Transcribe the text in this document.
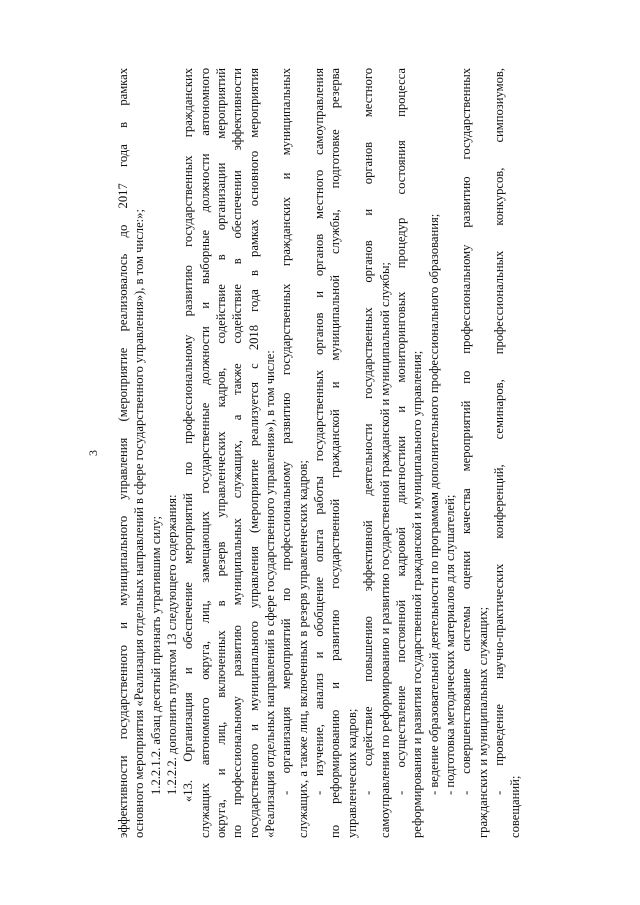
3 эффективности государственного и муниципального управления (мероприятие реализовалось до 2017 года в рамках основного мероприятия «Реализация отдельных направлений в сфере государственного управления»), в том числе:»; 1.2.2.1.2. абзац десятый признать утратившим силу; 1.2.2.2. дополнить пунктом 13 следующего содержания: «13. Организация и обеспечение мероприятий по профессиональному развитию государственных гражданских служащих автономного округа, лиц, замещающих государственные должности и выборные должности автономного округа, и лиц, включенных в резерв управленческих кадров, содействие в организации мероприятий по профессиональному развитию муниципальных служащих, а также содействие в обеспечении эффективности государственного и муниципального управления (мероприятие реализуется с 2018 года в рамках основного мероприятия «Реализация отдельных направлений в сфере государственного управления»), в том числе: - организация мероприятий по профессиональному развитию государственных гражданских и муниципальных служащих, а также лиц, включенных в резерв управленческих кадров; - изучение, анализ и обобщение опыта работы государственных органов и органов местного самоуправления по реформированию и развитию государственной гражданской и муниципальной службы, подготовке резерва управленческих кадров; - содействие повышению эффективной деятельности государственных органов и органов местного самоуправления по реформированию и развитию государственной гражданской и муниципальной службы; - осуществление постоянной кадровой диагностики и мониторинговых процедур состояния процесса реформирования и развития государственной гражданской и муниципального управления; - ведение образовательной деятельности по программам дополнительного профессионального образования; - подготовка методических материалов для слушателей; - совершенствование системы оценки качества мероприятий по профессиональному развитию государственных гражданских и муниципальных служащих; - проведение научно-практических конференций, семинаров, профессиональных конкурсов, симпозиумов,
совещаний;
